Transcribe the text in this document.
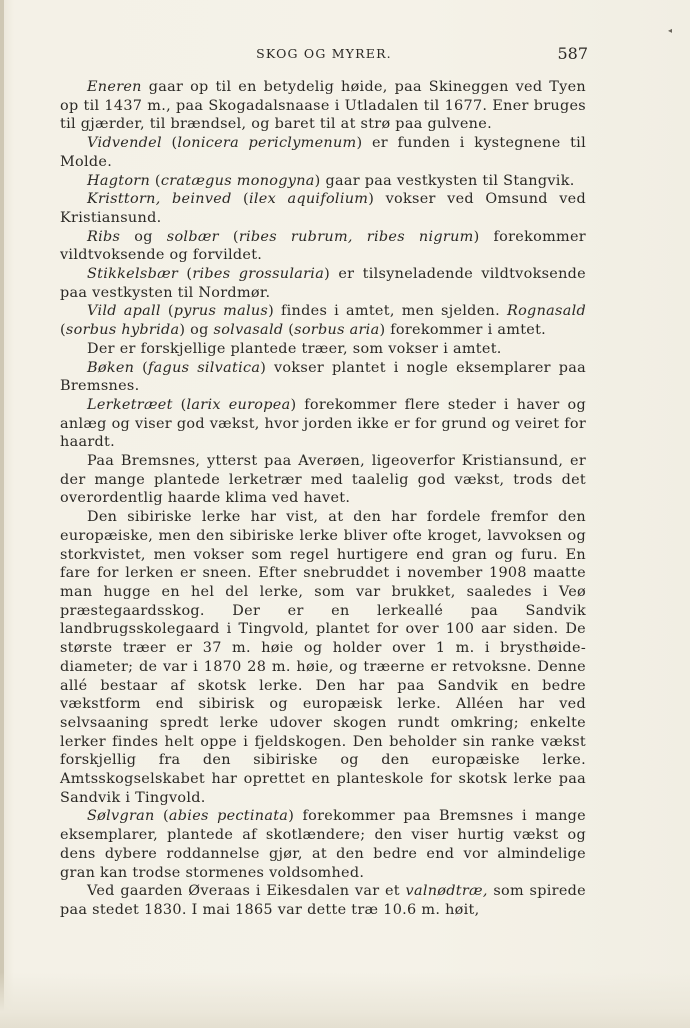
◂
SKOG OG MYRER.	587

Eneren gaar op til en betydelig høide, paa Skineggen ved Tyen op til 1437 m., paa Skogadalsnaase i Utladalen til 1677. Ener bruges til gjærder, til brændsel, og baret til at strø paa gulvene.

Vidvendel (lonicera periclymenum) er funden i kystegnene til Molde.

Hagtorn (cratægus monogyna) gaar paa vestkysten til Stangvik.

Kristtorn, beinved (ilex aquifolium) vokser ved Omsund ved Kristiansund.

Ribs og solbær (ribes rubrum, ribes nigrum) forekommer vildtvoksende og forvildet.

Stikkelsbær (ribes grossularia) er tilsyneladende vildtvoksende paa vestkysten til Nordmør.

Vild apall (pyrus malus) findes i amtet, men sjelden. Rognasald (sorbus hybrida) og solvasald (sorbus aria) forekommer i amtet.

Der er forskjellige plantede træer, som vokser i amtet.

Bøken (fagus silvatica) vokser plantet i nogle eksemplarer paa Bremsnes.

Lerketræet (larix europea) forekommer flere steder i haver og anlæg og viser god vækst, hvor jorden ikke er for grund og veiret for haardt.

Paa Bremsnes, ytterst paa Averøen, ligeoverfor Kristiansund, er der mange plantede lerketrær med taalelig god vækst, trods det overordentlig haarde klima ved havet.

Den sibiriske lerke har vist, at den har fordele fremfor den europæiske, men den sibiriske lerke bliver ofte kroget, lavvoksen og storkvistet, men vokser som regel hurtigere end gran og furu. En fare for lerken er sneen. Efter snebruddet i november 1908 maatte man hugge en hel del lerke, som var brukket, saaledes i Veø præstegaardsskog. Der er en lerkeallé paa Sandvik landbrugsskolegaard i Tingvold, plantet for over 100 aar siden. De største træer er 37 m. høie og holder over 1 m. i brysthøide-diameter; de var i 1870 28 m. høie, og træerne er retvoksne. Denne allé bestaar af skotsk lerke. Den har paa Sandvik en bedre vækstform end sibirisk og europæisk lerke. Alléen har ved selvsaaning spredt lerke udover skogen rundt omkring; enkelte lerker findes helt oppe i fjeldskogen. Den beholder sin ranke vækst forskjellig fra den sibiriske og den europæiske lerke. Amtsskogselskabet har oprettet en planteskole for skotsk lerke paa Sandvik i Tingvold.

Sølvgran (abies pectinata) forekommer paa Bremsnes i mange eksemplarer, plantede af skotlændere; den viser hurtig vækst og dens dybere roddannelse gjør, at den bedre end vor almindelige gran kan trodse stormenes voldsomhed.

Ved gaarden Øveraas i Eikesdalen var et valnødtræ, som spirede paa stedet 1830. I mai 1865 var dette træ 10.6 m. høit,
